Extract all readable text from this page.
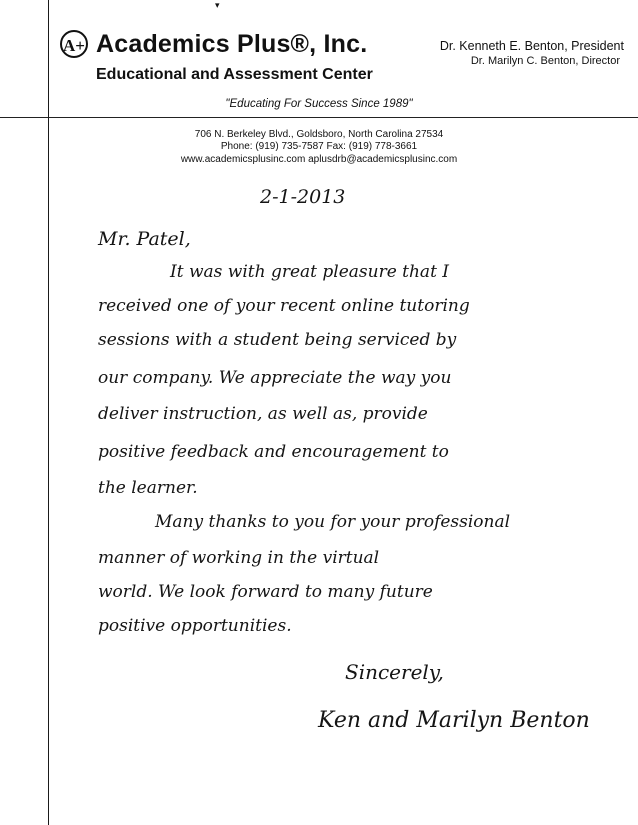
▾
A+ Academics Plus®, Inc.
Educational and Assessment Center
Dr. Kenneth E. Benton, President
Dr. Marilyn C. Benton, Director
"Educating For Success Since 1989"
706 N. Berkeley Blvd., Goldsboro, North Carolina 27534
Phone: (919) 735-7587 Fax: (919) 778-3661
www.academicsplusinc.com aplusdrb@academicsplusinc.com
2-1-2013
Mr. Patel,
It was with great pleasure that I
received one of your recent online tutoring
sessions with a student being serviced by
our company. We appreciate the way you
deliver instruction, as well as, provide
positive feedback and encouragement to
the learner.
Many thanks to you for your professional
manner of working in the virtual
world. We look forward to many future
positive opportunities.
Sincerely,
Ken and Marilyn Benton
